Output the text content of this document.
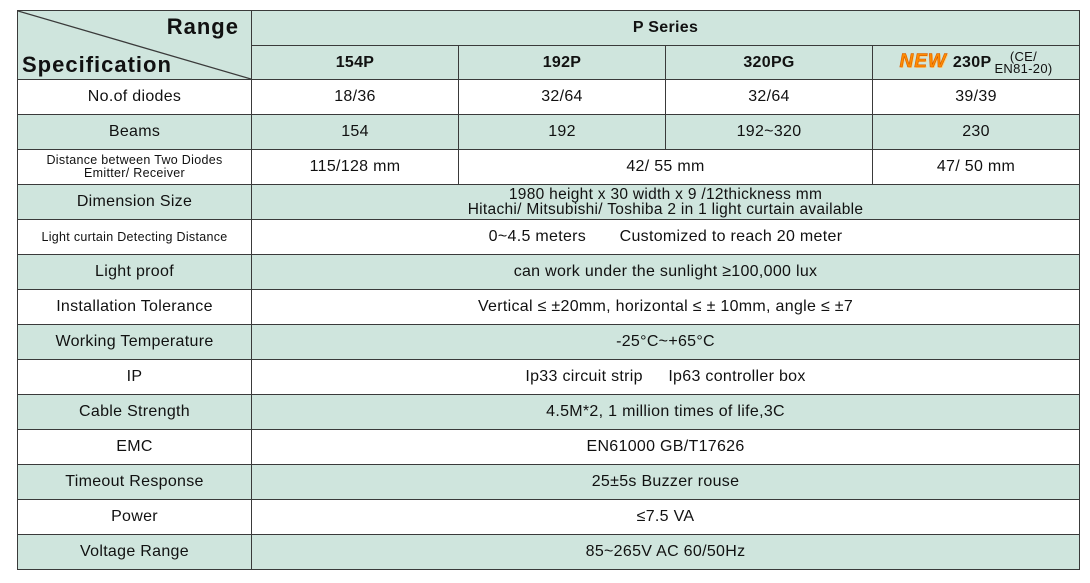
Range
Specification	P Series			
	154P	192P	320PG	NEW 230P (CE/
EN81-20)
No.of diodes	18/36	32/64	32/64	39/39
Beams	154	192	192~320	230
Distance between Two Diodes
Emitter/ Receiver	115/128 mm	42/ 55 mm		47/ 50 mm
Dimension Size	1980 height x 30 width x 9 /12thickness mm
Hitachi/ Mitsubishi/ Toshiba 2 in 1 light curtain available			

Light curtain Detecting Distance	0~4.5 meters Customized to reach 20 meter			
Light proof	can work under the sunlight ≥100,000 lux			
Installation Tolerance	Vertical ≤ ±20mm, horizontal ≤ ± 10mm, angle ≤ ±7			
Working Temperature	-25°C~+65°C			
IP	Ip33 circuit strip Ip63 controller box			
Cable Strength	4.5M*2, 1 million times of life,3C			
EMC	EN61000 GB/T17626			
Timeout Response	25±5s Buzzer rouse			
Power	≤7.5 VA			
Voltage Range	85~265V AC 60/50Hz			
